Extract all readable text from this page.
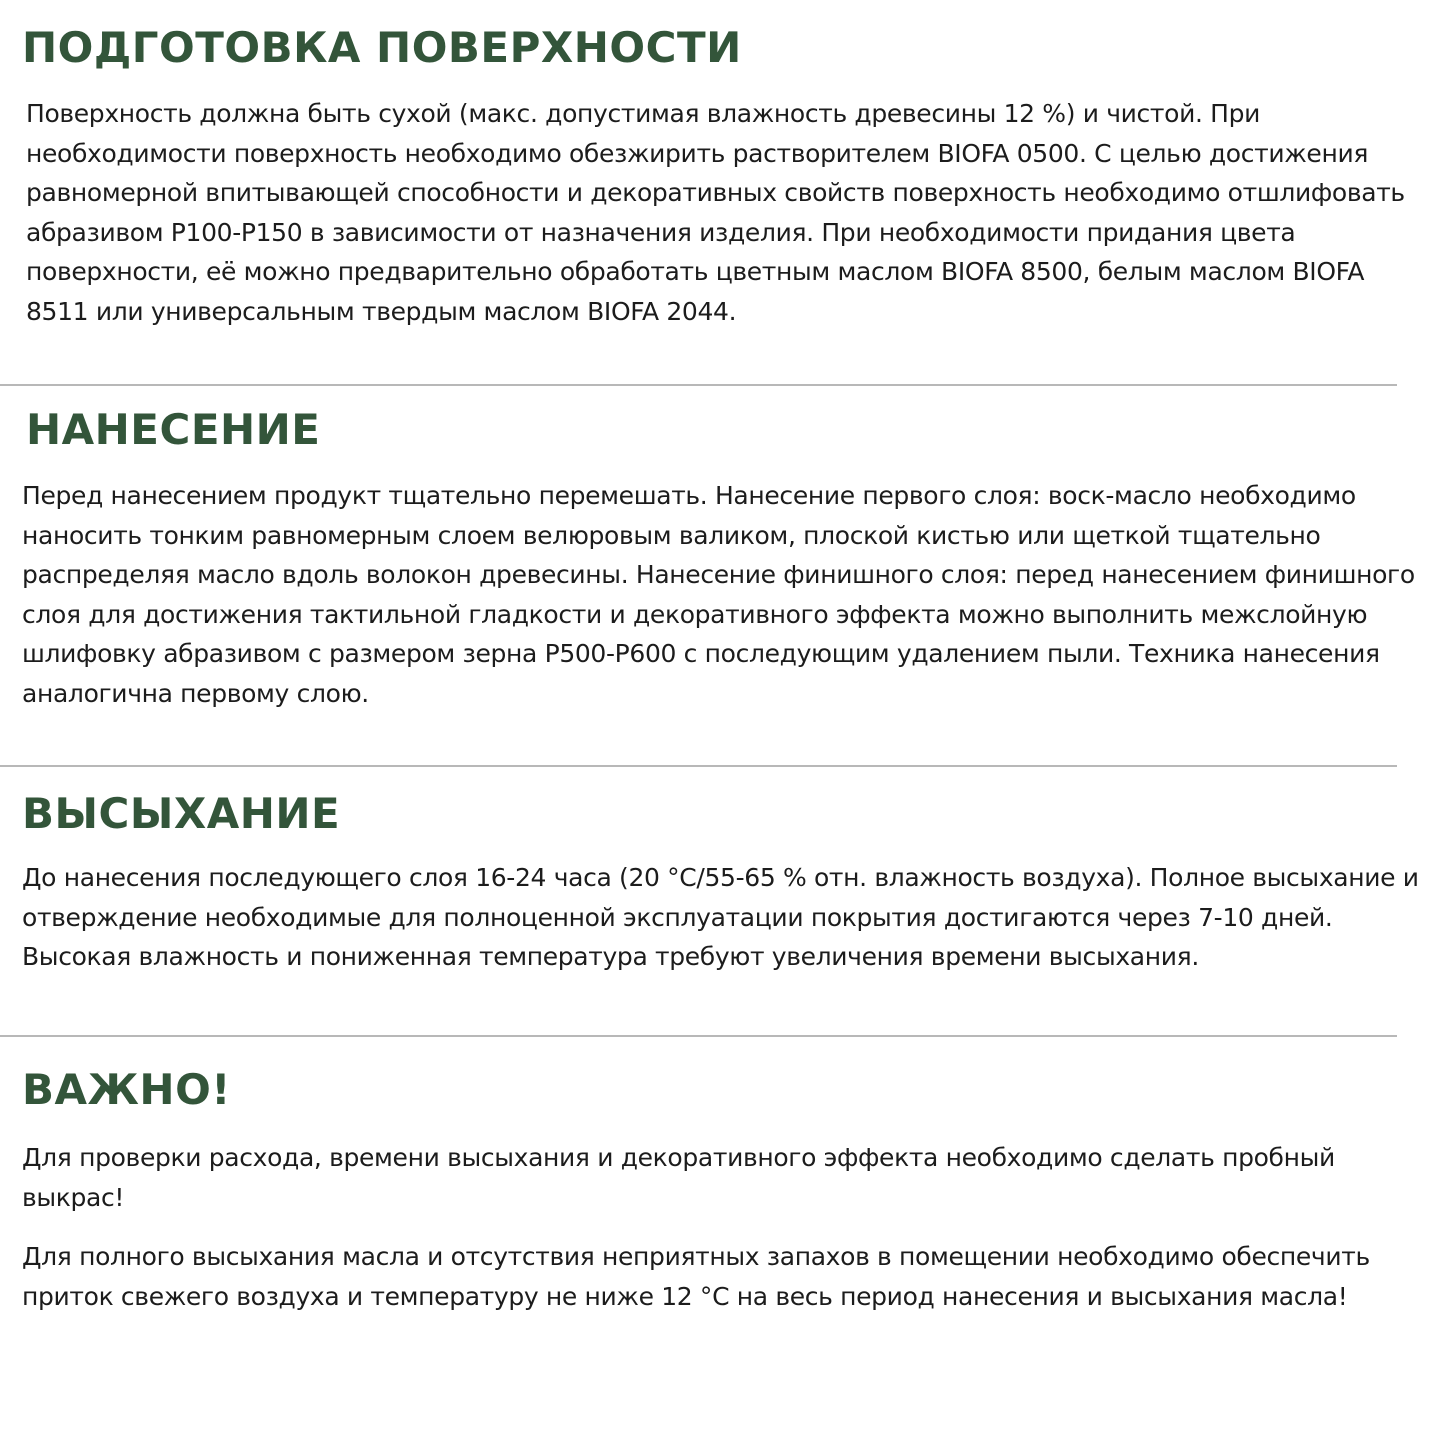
ПОДГОТОВКА ПОВЕРХНОСТИ

Поверхность должна быть сухой (макс. допустимая влажность древесины 12 %) и чистой. При необходимости поверхность необходимо обезжирить растворителем BIOFA 0500. С целью достижения равномерной впитывающей способности и декоративных свойств поверхность необходимо отшлифовать абразивом P100-P150 в зависимости от назначения изделия. При необходимости придания цвета поверхности, её можно предварительно обработать цветным маслом BIOFA 8500, белым маслом BIOFA 8511 или универсальным твердым маслом BIOFA 2044.

НАНЕСЕНИЕ

Перед нанесением продукт тщательно перемешать. Нанесение первого слоя: воск-масло необходимо наносить тонким равномерным слоем велюровым валиком, плоской кистью или щеткой тщательно распределяя масло вдоль волокон древесины. Нанесение финишного слоя: перед нанесением финишного слоя для достижения тактильной гладкости и декоративного эффекта можно выполнить межслойную шлифовку абразивом с размером зерна P500-P600 с последующим удалением пыли. Техника нанесения аналогична первому слою.

ВЫСЫХАНИЕ

До нанесения последующего слоя 16-24 часа (20 °C/55-65 % отн. влажность воздуха). Полное высыхание и отверждение необходимые для полноценной эксплуатации покрытия достигаются через 7-10 дней. Высокая влажность и пониженная температура требуют увеличения времени высыхания.

ВАЖНО!

Для проверки расхода, времени высыхания и декоративного эффекта необходимо сделать пробный выкрас!

Для полного высыхания масла и отсутствия неприятных запахов в помещении необходимо обеспечить приток свежего воздуха и температуру не ниже 12 °C на весь период нанесения и высыхания масла!
